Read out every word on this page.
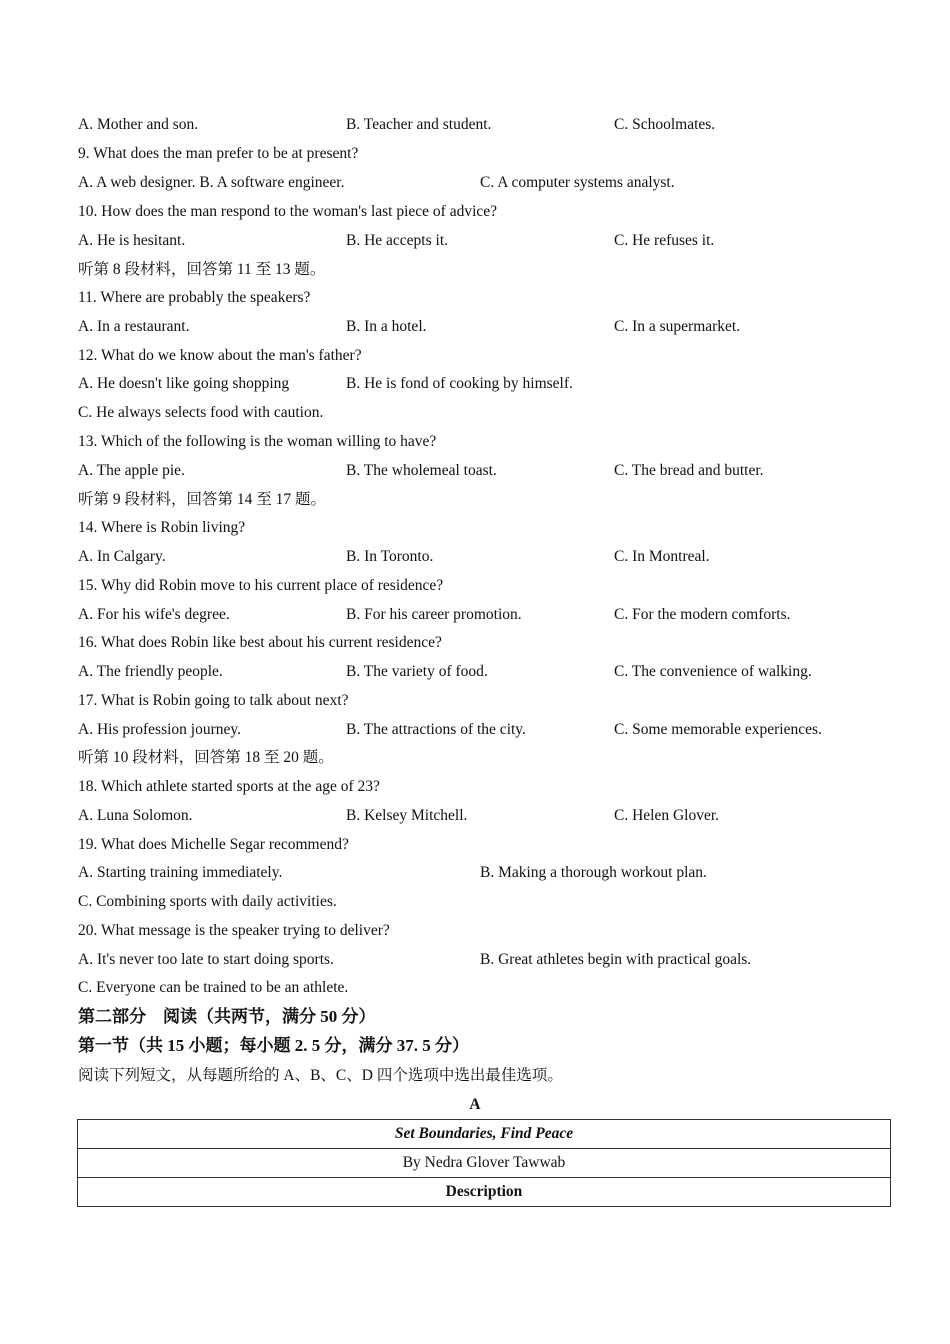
A. Mother and son.	B. Teacher and student.	C. Schoolmates.
9. What does the man prefer to be at present?
A. A web designer. B. A software engineer.	C. A computer systems analyst.
10. How does the man respond to the woman's last piece of advice?
A. He is hesitant.	B. He accepts it.	C. He refuses it.
听第 8 段材料，回答第 11 至 13 题。
11. Where are probably the speakers?
A. In a restaurant.	B. In a hotel.	C. In a supermarket.
12. What do we know about the man's father?
A. He doesn't like going shopping	B. He is fond of cooking by himself.
C. He always selects food with caution.
13. Which of the following is the woman willing to have?
A. The apple pie.	B. The wholemeal toast.	C. The bread and butter.
听第 9 段材料，回答第 14 至 17 题。
14. Where is Robin living?
A. In Calgary.	B. In Toronto.	C. In Montreal.
15. Why did Robin move to his current place of residence?
A. For his wife's degree.	B. For his career promotion.	C. For the modern comforts.
16. What does Robin like best about his current residence?
A. The friendly people.	B. The variety of food.	C. The convenience of walking.
17. What is Robin going to talk about next?
A. His profession journey.	B. The attractions of the city.	C. Some memorable experiences.
听第 10 段材料，回答第 18 至 20 题。
18. Which athlete started sports at the age of 23?
A. Luna Solomon.	B. Kelsey Mitchell.	C. Helen Glover.
19. What does Michelle Segar recommend?
A. Starting training immediately.	B. Making a thorough workout plan.
C. Combining sports with daily activities.
20. What message is the speaker trying to deliver?
A. It's never too late to start doing sports.	B. Great athletes begin with practical goals.
C. Everyone can be trained to be an athlete.
第二部分　阅读（共两节，满分 50 分）
第一节（共 15 小题；每小题 2. 5 分，满分 37. 5 分）
阅读下列短文，从每题所给的 A、B、C、D 四个选项中选出最佳选项。
A
Set Boundaries, Find Peace
By Nedra Glover Tawwab
Description
